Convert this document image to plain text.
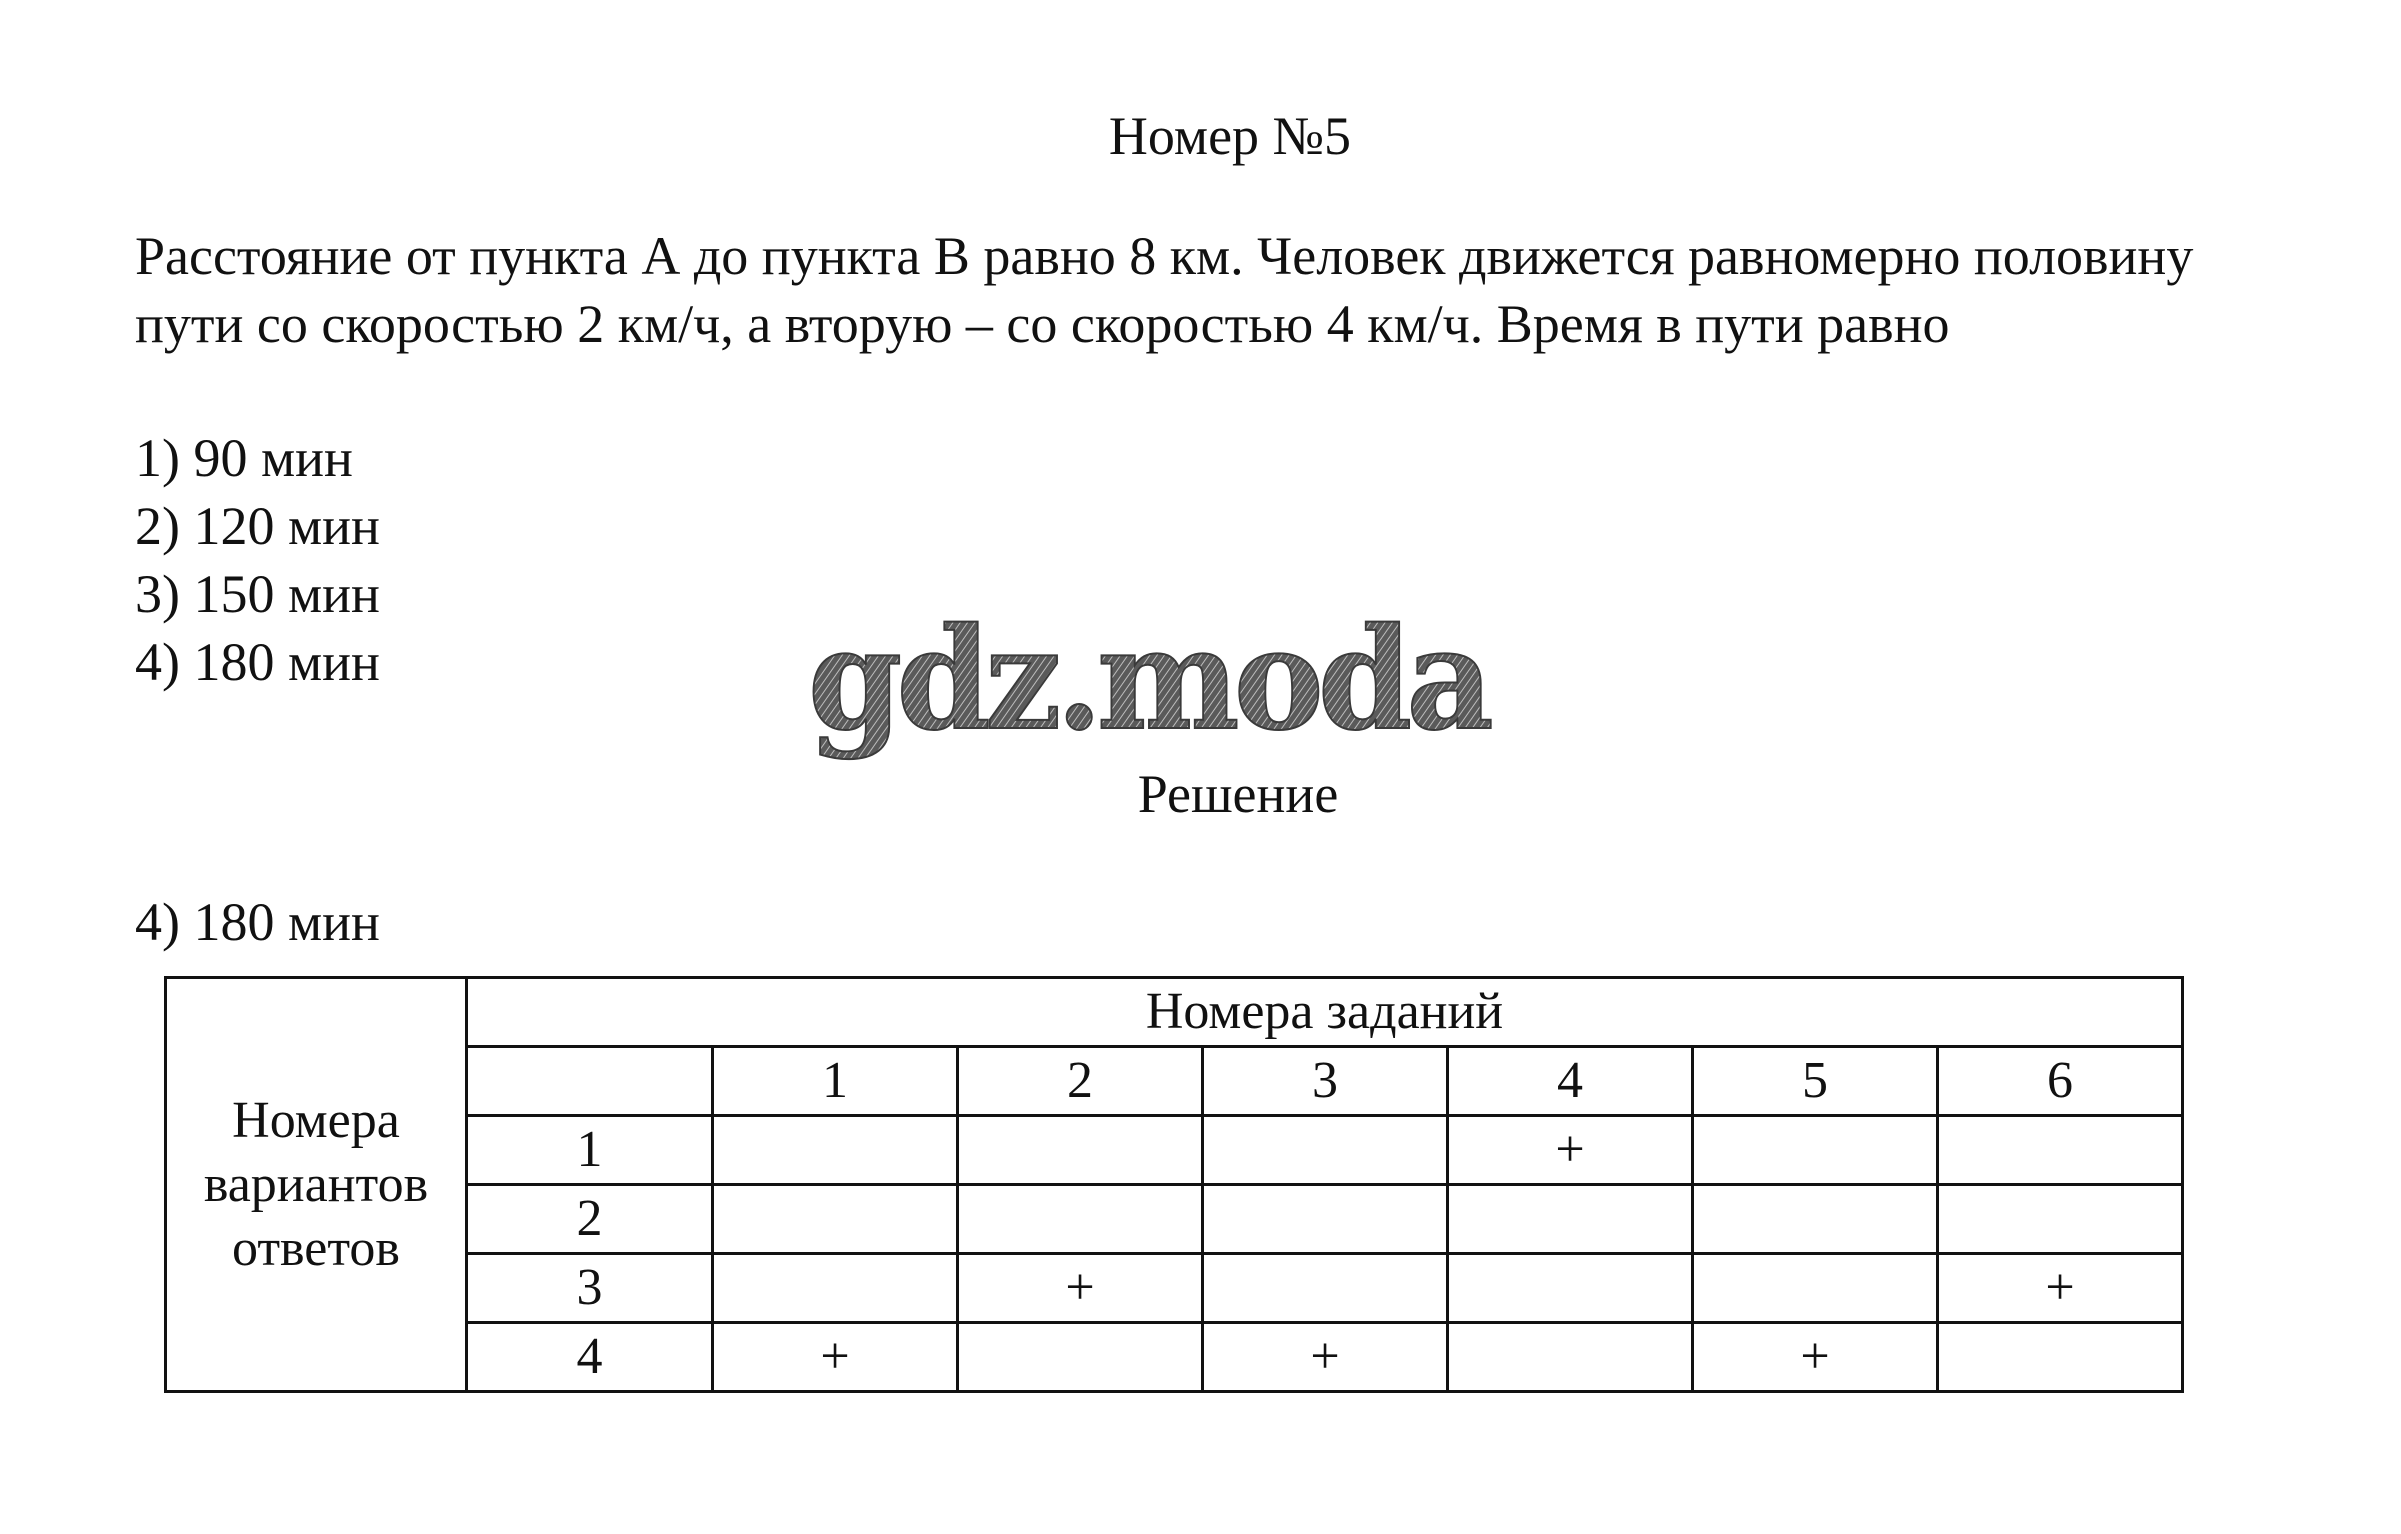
Номер №5

Расстояние от пункта А до пункта В равно 8 км. Человек движется равномерно половину пути со скоростью 2 км/ч, а вторую – со скоростью 4 км/ч. Время в пути равно

1) 90 мин
2) 120 мин
3) 150 мин
4) 180 мин	gdz.moda
Решение
4) 180 мин
Номера
вариантов
ответов	Номера заданий						
		1	2	3	4	5	6
	1				+		
	2						
	3		+				+
	4	+		+		+	
